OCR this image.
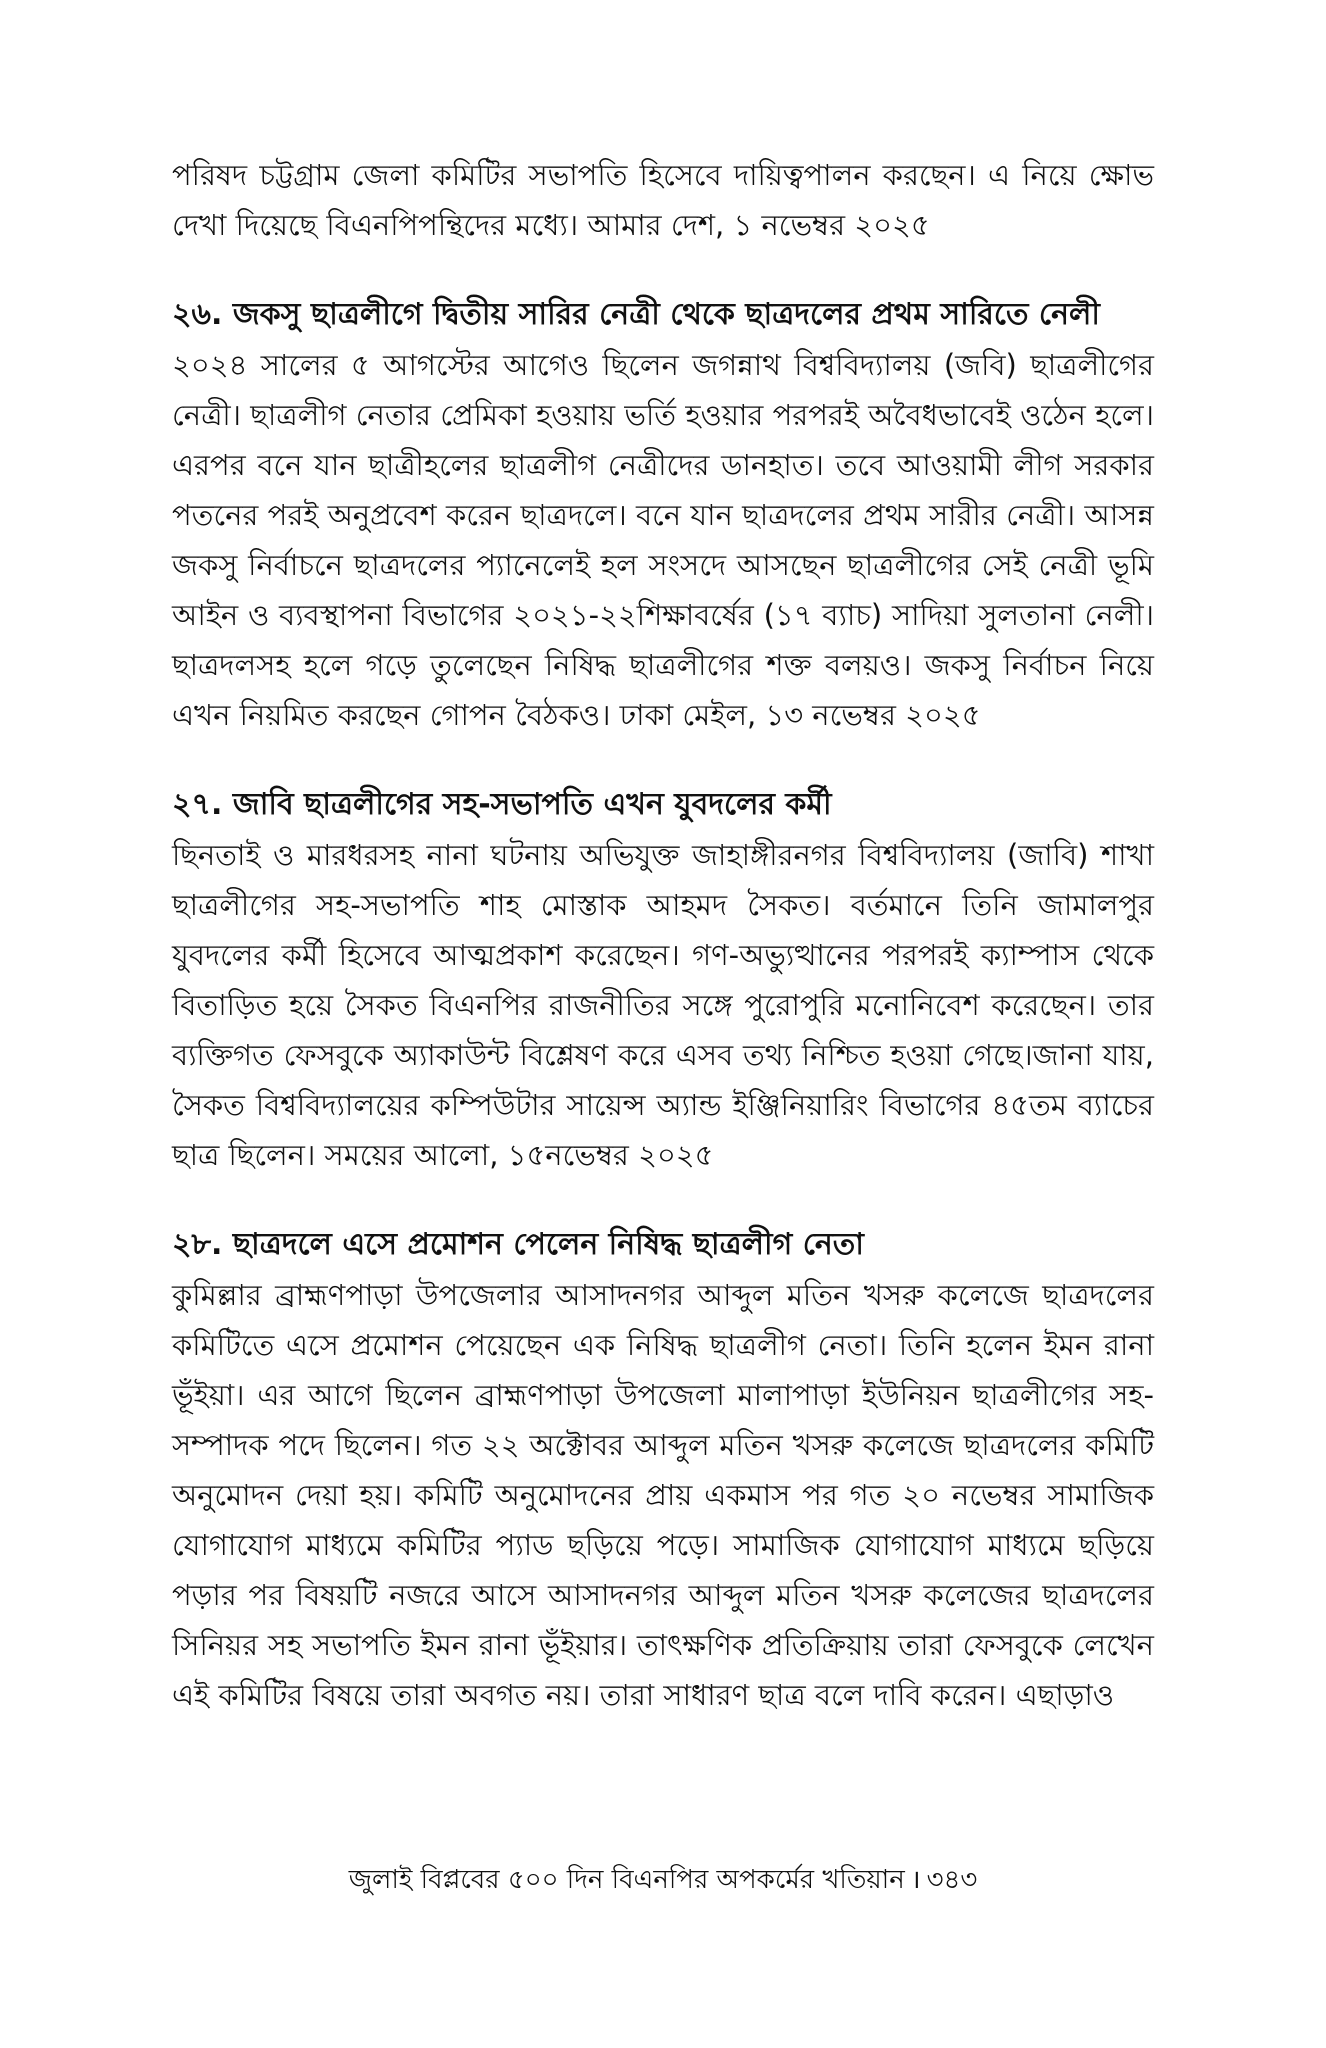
পরিষদ চট্টগ্রাম জেলা কমিটির সভাপতি হিসেবে দায়িত্বপালন করছেন। এ নিয়ে ক্ষোভ দেখা দিয়েছে বিএনপিপন্থিদের মধ্যে। আমার দেশ, ১ নভেম্বর ২০২৫

২৬. জকসু ছাত্রলীগে দ্বিতীয় সারির নেত্রী থেকে ছাত্রদলের প্রথম সারিতে নেলী

২০২৪ সালের ৫ আগস্টের আগেও ছিলেন জগন্নাথ বিশ্ববিদ্যালয় (জবি) ছাত্রলীগের নেত্রী। ছাত্রলীগ নেতার প্রেমিকা হওয়ায় ভর্তি হওয়ার পরপরই অবৈধভাবেই ওঠেন হলে। এরপর বনে যান ছাত্রীহলের ছাত্রলীগ নেত্রীদের ডানহাত। তবে আওয়ামী লীগ সরকার পতনের পরই অনুপ্রবেশ করেন ছাত্রদলে। বনে যান ছাত্রদলের প্রথম সারীর নেত্রী। আসন্ন জকসু নির্বাচনে ছাত্রদলের প্যানেলেই হল সংসদে আসছেন ছাত্রলীগের সেই নেত্রী ভূমি আইন ও ব্যবস্থাপনা বিভাগের ২০২১-২২শিক্ষাবর্ষের (১৭ ব্যাচ) সাদিয়া সুলতানা নেলী। ছাত্রদলসহ হলে গড়ে তুলেছেন নিষিদ্ধ ছাত্রলীগের শক্ত বলয়ও। জকসু নির্বাচন নিয়ে এখন নিয়মিত করছেন গোপন বৈঠকও। ঢাকা মেইল, ১৩ নভেম্বর ২০২৫

২৭. জাবি ছাত্রলীগের সহ-সভাপতি এখন যুবদলের কর্মী

ছিনতাই ও মারধরসহ নানা ঘটনায় অভিযুক্ত জাহাঙ্গীরনগর বিশ্ববিদ্যালয় (জাবি) শাখা ছাত্রলীগের সহ-সভাপতি শাহ মোস্তাক আহমদ সৈকত। বর্তমানে তিনি জামালপুর যুবদলের কর্মী হিসেবে আত্মপ্রকাশ করেছেন। গণ-অভ্যুত্থানের পরপরই ক্যাম্পাস থেকে বিতাড়িত হয়ে সৈকত বিএনপির রাজনীতির সঙ্গে পুরোপুরি মনোনিবেশ করেছেন। তার ব্যক্তিগত ফেসবুকে অ্যাকাউন্ট বিশ্লেষণ করে এসব তথ্য নিশ্চিত হওয়া গেছে।জানা যায়, সৈকত বিশ্ববিদ্যালয়ের কম্পিউটার সায়েন্স অ্যান্ড ইঞ্জিনিয়ারিং বিভাগের ৪৫তম ব্যাচের ছাত্র ছিলেন। সময়ের আলো, ১৫নভেম্বর ২০২৫

২৮. ছাত্রদলে এসে প্রমোশন পেলেন নিষিদ্ধ ছাত্রলীগ নেতা

কুমিল্লার ব্রাহ্মণপাড়া উপজেলার আসাদনগর আব্দুল মতিন খসরু কলেজে ছাত্রদলের কমিটিতে এসে প্রমোশন পেয়েছেন এক নিষিদ্ধ ছাত্রলীগ নেতা। তিনি হলেন ইমন রানা ভূঁইয়া। এর আগে ছিলেন ব্রাহ্মণপাড়া উপজেলা মালাপাড়া ইউনিয়ন ছাত্রলীগের সহ-সম্পাদক পদে ছিলেন। গত ২২ অক্টোবর আব্দুল মতিন খসরু কলেজে ছাত্রদলের কমিটি অনুমোদন দেয়া হয়। কমিটি অনুমোদনের প্রায় একমাস পর গত ২০ নভেম্বর সামাজিক যোগাযোগ মাধ্যমে কমিটির প্যাড ছড়িয়ে পড়ে। সামাজিক যোগাযোগ মাধ্যমে ছড়িয়ে পড়ার পর বিষয়টি নজরে আসে আসাদনগর আব্দুল মতিন খসরু কলেজের ছাত্রদলের সিনিয়র সহ সভাপতি ইমন রানা ভূঁইয়ার। তাৎক্ষণিক প্রতিক্রিয়ায় তারা ফেসবুকে লেখেন এই কমিটির বিষয়ে তারা অবগত নয়। তারা সাধারণ ছাত্র বলে দাবি করেন। এছাড়াও

জুলাই বিপ্লবের ৫০০ দিন বিএনপির অপকর্মের খতিয়ান । ৩৪৩
